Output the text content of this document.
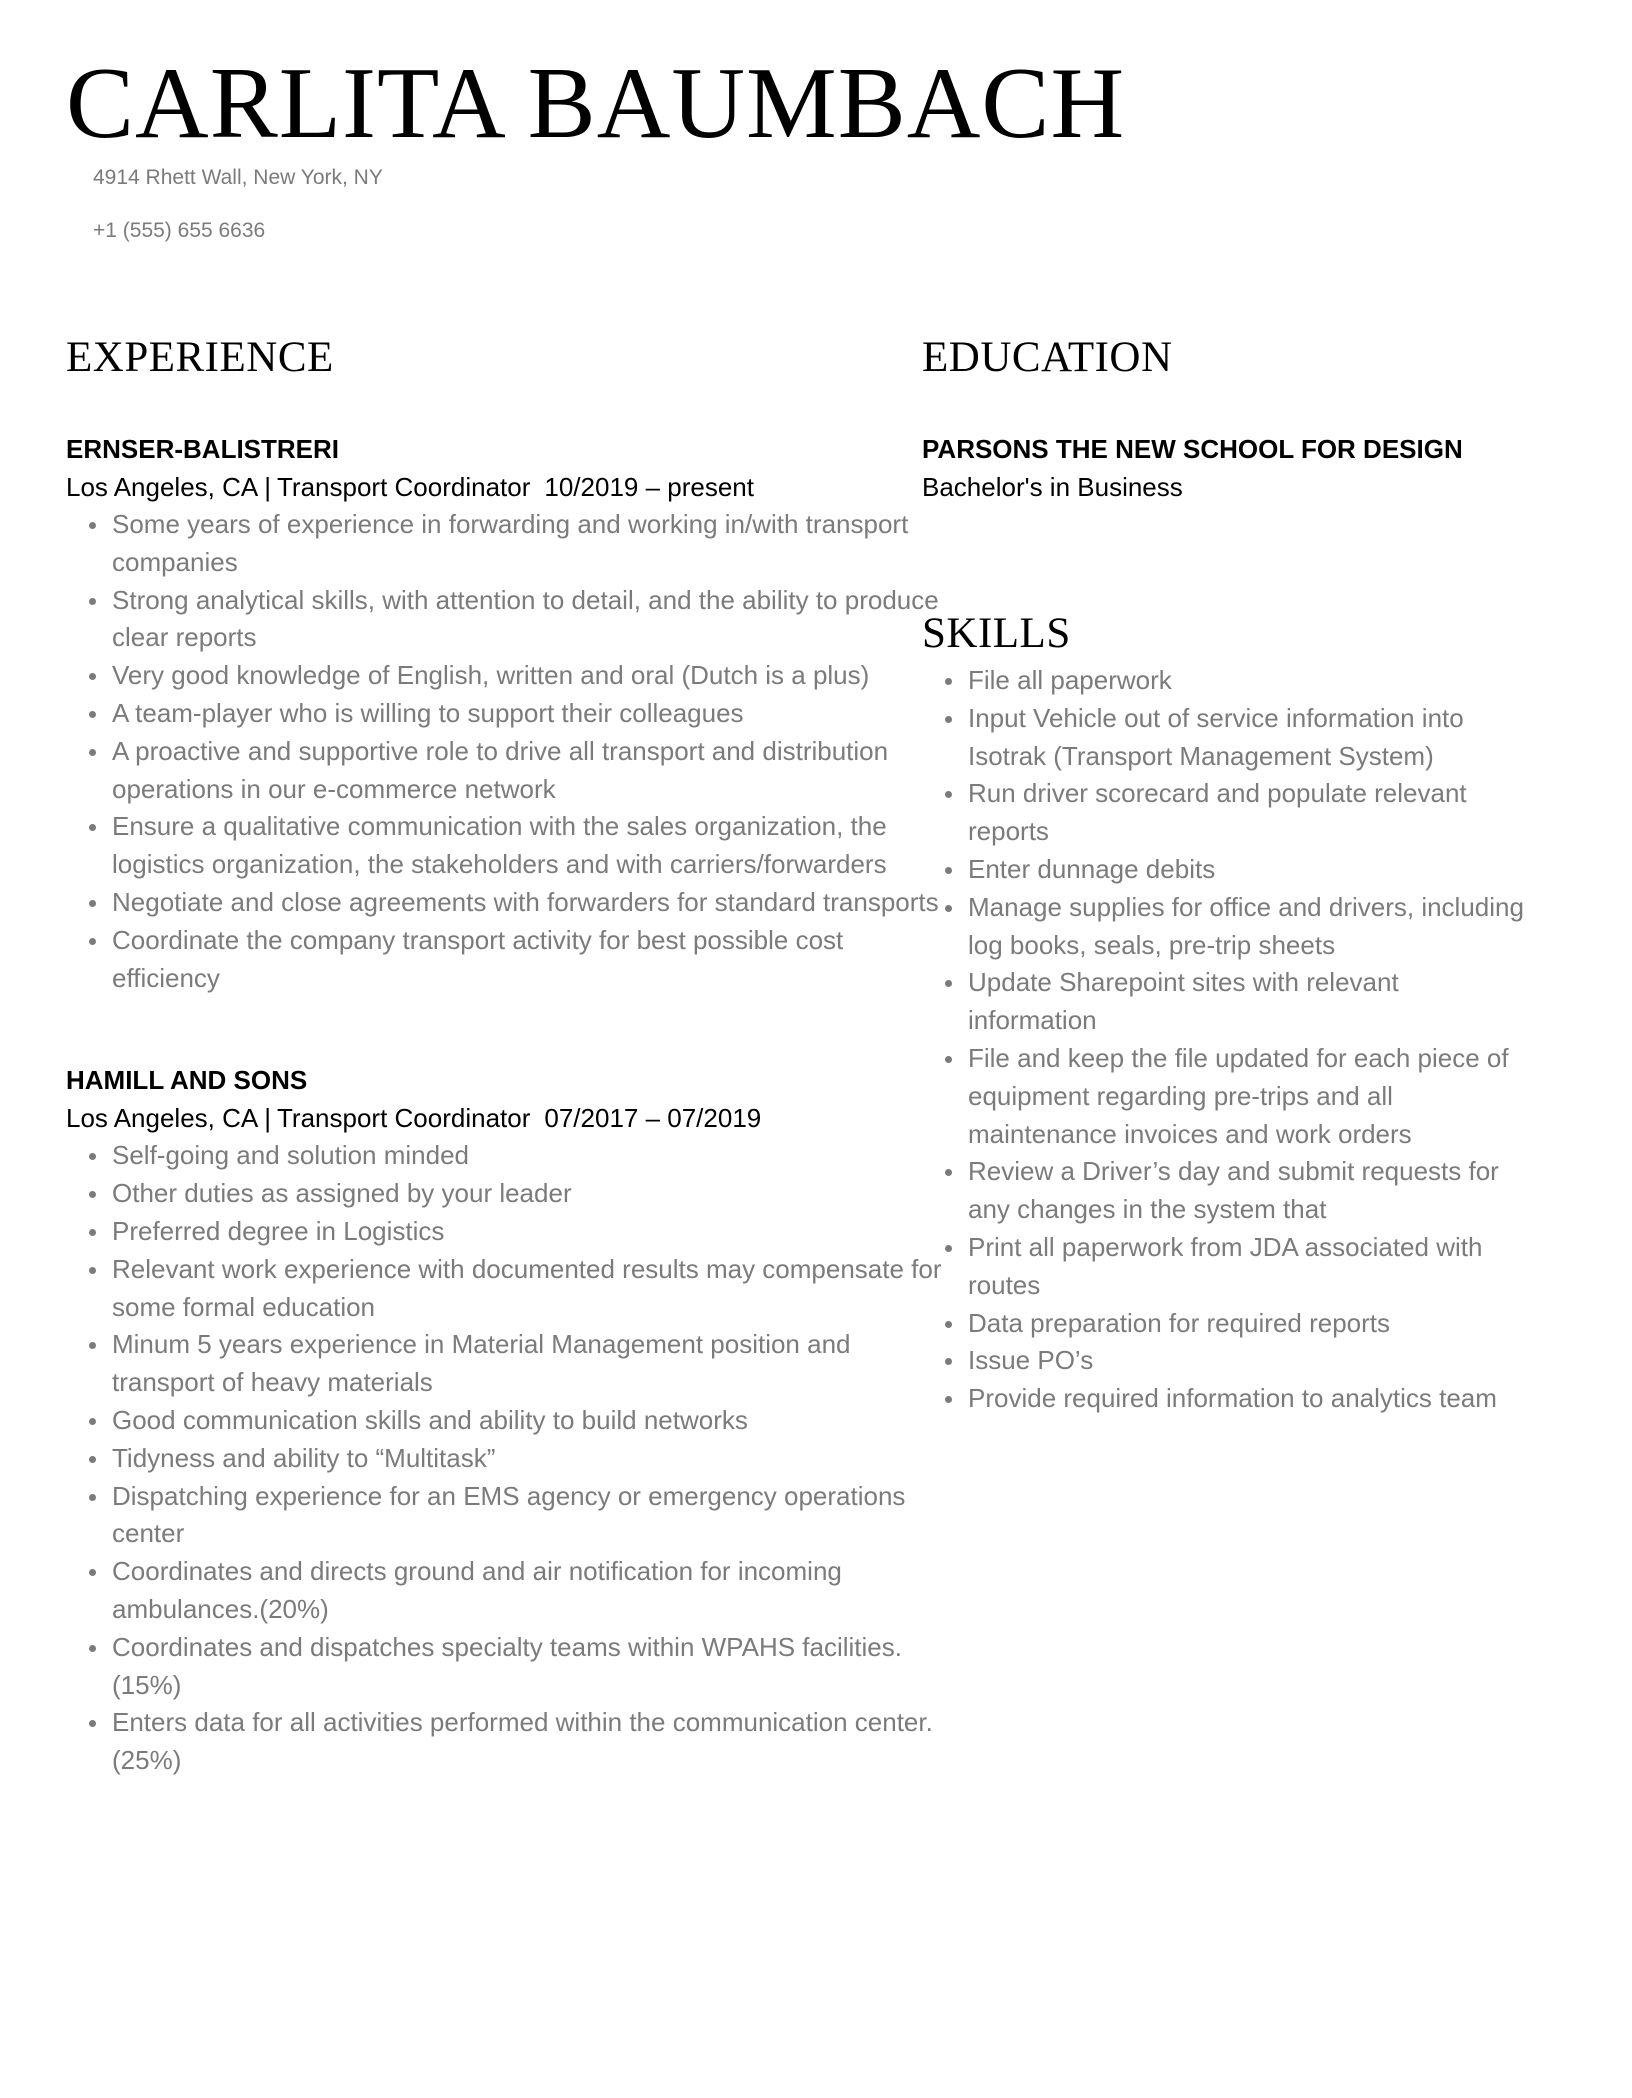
CARLITA BAUMBACH

4914 Rhett Wall, New York, NY

+1 (555) 655 6636

EXPERIENCE

ERNSER-BALISTRERI

Los Angeles, CA | Transport Coordinator 10/2019 – present

Some years of experience in forwarding and working in/with transport companies
Strong analytical skills, with attention to detail, and the ability to produce clear reports
Very good knowledge of English, written and oral (Dutch is a plus)
A team-player who is willing to support their colleagues
A proactive and supportive role to drive all transport and distribution operations in our e-commerce network
Ensure a qualitative communication with the sales organization, the logistics organization, the stakeholders and with carriers/forwarders
Negotiate and close agreements with forwarders for standard transports
Coordinate the company transport activity for best possible cost efficiency

HAMILL AND SONS

Los Angeles, CA | Transport Coordinator 07/2017 – 07/2019

Self-going and solution minded
Other duties as assigned by your leader
Preferred degree in Logistics
Relevant work experience with documented results may compensate for some formal education
Minum 5 years experience in Material Management position and transport of heavy materials
Good communication skills and ability to build networks
Tidyness and ability to “Multitask”
Dispatching experience for an EMS agency or emergency operations center
Coordinates and directs ground and air notification for incoming ambulances.(20%)
Coordinates and dispatches specialty teams within WPAHS facilities.(15%)
Enters data for all activities performed within the communication center.(25%)
EDUCATION

PARSONS THE NEW SCHOOL FOR DESIGN

Bachelor's in Business

SKILLS
File all paperwork
Input Vehicle out of service information into Isotrak (Transport Management System)
Run driver scorecard and populate relevant reports
Enter dunnage debits
Manage supplies for office and drivers, including log books, seals, pre-trip sheets
Update Sharepoint sites with relevant information
File and keep the file updated for each piece of equipment regarding pre-trips and all maintenance invoices and work orders
Review a Driver’s day and submit requests for any changes in the system that
Print all paperwork from JDA associated with routes
Data preparation for required reports
Issue PO’s
Provide required information to analytics team
